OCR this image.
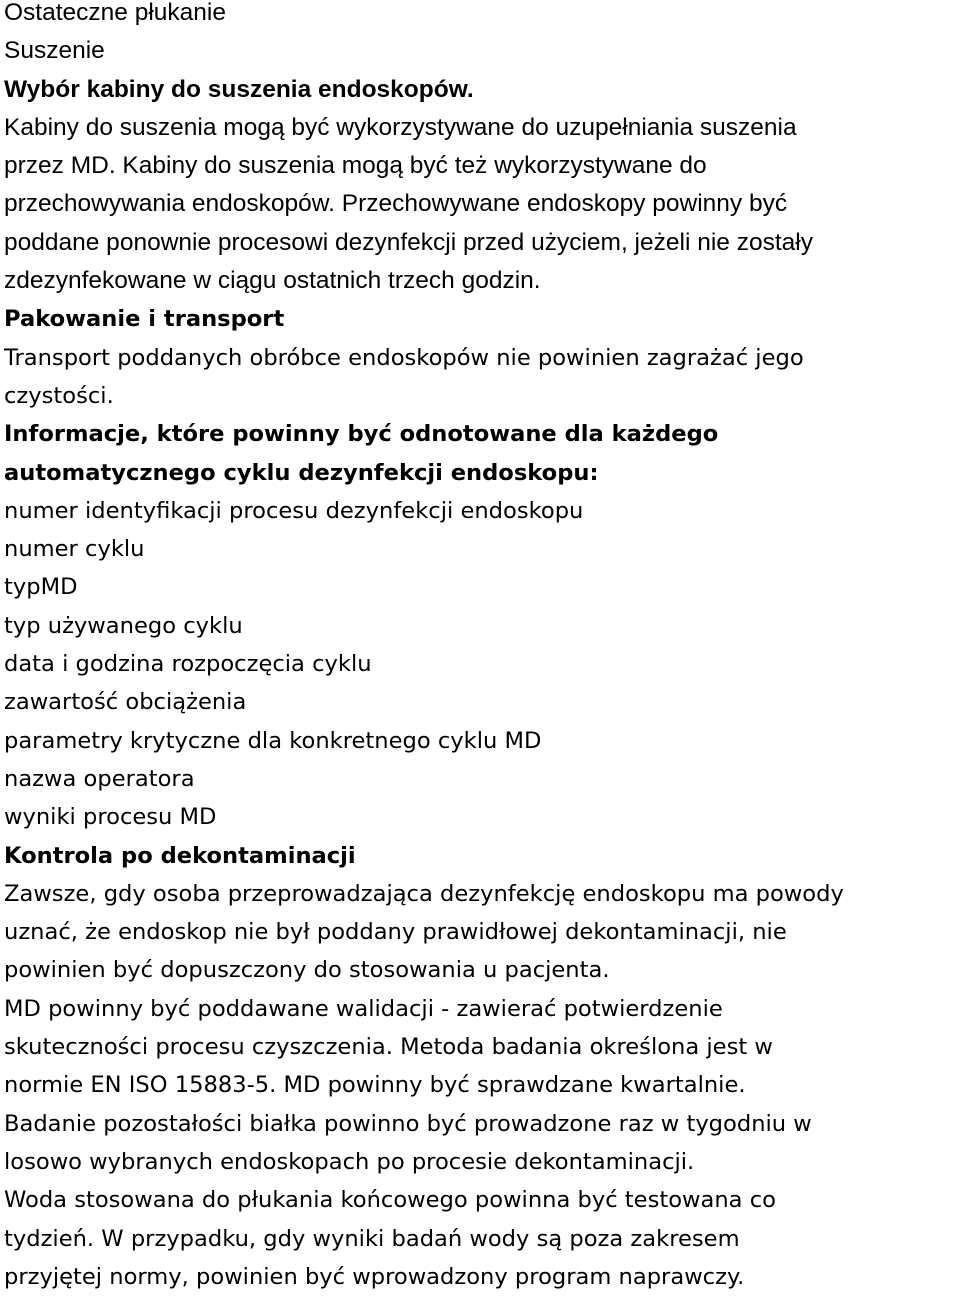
Ostateczne płukanie
Suszenie
Wybór kabiny do suszenia endoskopów.
Kabiny do suszenia mogą być wykorzystywane do uzupełniania suszenia
przez MD. Kabiny do suszenia mogą być też wykorzystywane do
przechowywania endoskopów. Przechowywane endoskopy powinny być
poddane ponownie procesowi dezynfekcji przed użyciem, jeżeli nie zostały
zdezynfekowane w ciągu ostatnich trzech godzin.
Pakowanie i transport
Transport poddanych obróbce endoskopów nie powinien zagrażać jego
czystości.
Informacje, które powinny być odnotowane dla każdego
automatycznego cyklu dezynfekcji endoskopu:
numer identyfikacji procesu dezynfekcji endoskopu
numer cyklu
typMD
typ używanego cyklu
data i godzina rozpoczęcia cyklu
zawartość obciążenia
parametry krytyczne dla konkretnego cyklu MD
nazwa operatora
wyniki procesu MD
Kontrola po dekontaminacji
Zawsze, gdy osoba przeprowadzająca dezynfekcję endoskopu ma powody
uznać, że endoskop nie był poddany prawidłowej dekontaminacji, nie
powinien być dopuszczony do stosowania u pacjenta.
MD powinny być poddawane walidacji - zawierać potwierdzenie
skuteczności procesu czyszczenia. Metoda badania określona jest w
normie EN ISO 15883-5. MD powinny być sprawdzane kwartalnie.
Badanie pozostałości białka powinno być prowadzone raz w tygodniu w
losowo wybranych endoskopach po procesie dekontaminacji.
Woda stosowana do płukania końcowego powinna być testowana co
tydzień. W przypadku, gdy wyniki badań wody są poza zakresem
przyjętej normy, powinien być wprowadzony program naprawczy.
